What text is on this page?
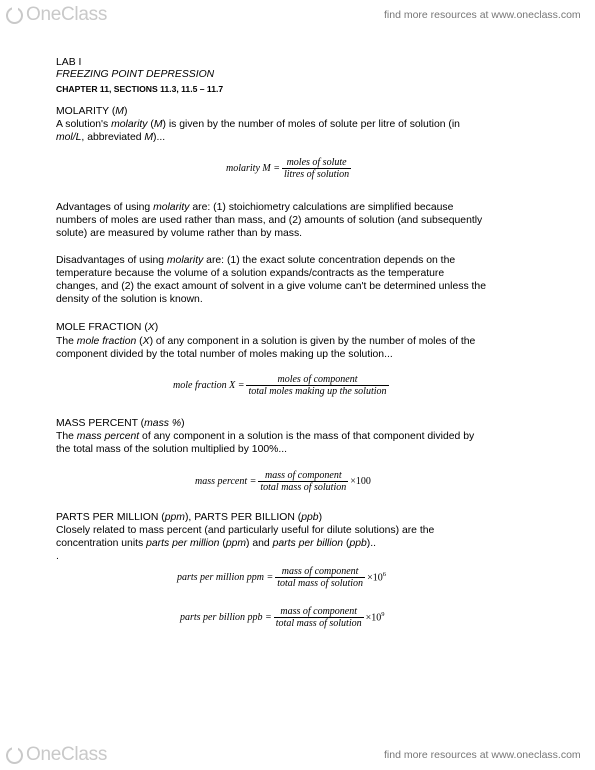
OneClass	find more resources at www.oneclass.com
LAB I
FREEZING POINT DEPRESSION
CHAPTER 11, SECTIONS 11.3, 11.5 – 11.7
MOLARITY (M)
A solution's molarity (M) is given by the number of moles of solute per litre of solution (in
mol/L, abbreviated M)...
molarity $M = \frac{\text{moles of solute}}{\text{litres of solution}}$
Advantages of using molarity are: (1) stoichiometry calculations are simplified because
numbers of moles are used rather than mass, and (2) amounts of solution (and subsequently
solute) are measured by volume rather than by mass.
Disadvantages of using molarity are: (1) the exact solute concentration depends on the
temperature because the volume of a solution expands/contracts as the temperature
changes, and (2) the exact amount of solvent in a give volume can't be determined unless the
density of the solution is known.
MOLE FRACTION (X)
The mole fraction (X) of any component in a solution is given by the number of moles of the
component divided by the total number of moles making up the solution...
mole fraction $X = \frac{\text{moles of component}}{\text{total moles making up the solution}}$
MASS PERCENT (mass %)
The mass percent of any component in a solution is the mass of that component divided by
the total mass of the solution multiplied by 100%...
mass percent = $\frac{\text{mass of component}}{\text{total mass of solution}} \times 100$
PARTS PER MILLION (ppm), PARTS PER BILLION (ppb)
Closely related to mass percent (and particularly useful for dilute solutions) are the
concentration units parts per million (ppm) and parts per billion (ppb)..
.
parts per million ppm = $\frac{\text{mass of component}}{\text{total mass of solution}} \times 10^6$
parts per billion ppb = $\frac{\text{mass of component}}{\text{total mass of solution}} \times 10^9$
OneClass	find more resources at www.oneclass.com
